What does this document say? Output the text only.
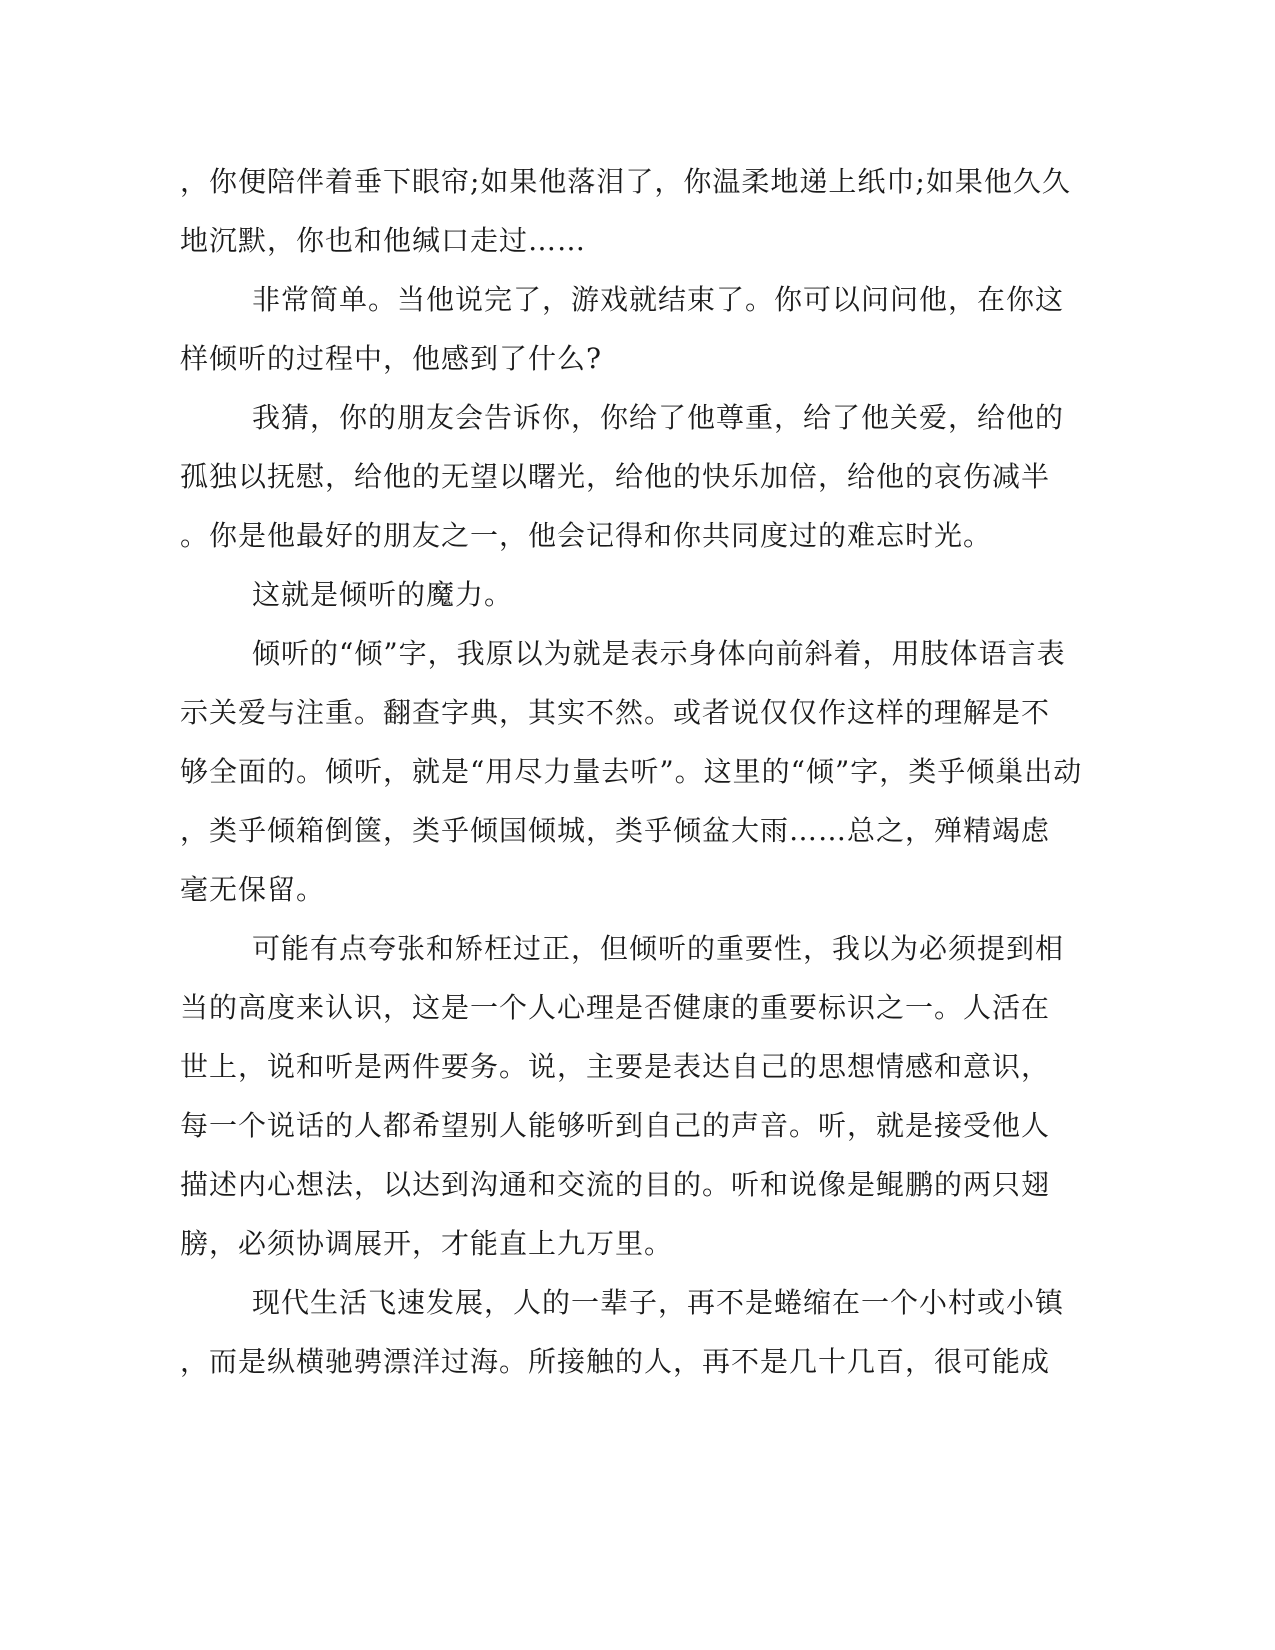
，你便陪伴着垂下眼帘;如果他落泪了，你温柔地递上纸巾;如果他久久
地沉默，你也和他缄口走过……
非常简单。当他说完了，游戏就结束了。你可以问问他，在你这
样倾听的过程中，他感到了什么?
我猜，你的朋友会告诉你，你给了他尊重，给了他关爱，给他的
孤独以抚慰，给他的无望以曙光，给他的快乐加倍，给他的哀伤减半
。你是他最好的朋友之一，他会记得和你共同度过的难忘时光。
这就是倾听的魔力。
倾听的“倾”字，我原以为就是表示身体向前斜着，用肢体语言表
示关爱与注重。翻查字典，其实不然。或者说仅仅作这样的理解是不
够全面的。倾听，就是“用尽力量去听”。这里的“倾”字，类乎倾巢出动
，类乎倾箱倒箧，类乎倾国倾城，类乎倾盆大雨……总之，殚精竭虑
毫无保留。
可能有点夸张和矫枉过正，但倾听的重要性，我以为必须提到相
当的高度来认识，这是一个人心理是否健康的重要标识之一。人活在
世上，说和听是两件要务。说，主要是表达自己的思想情感和意识，
每一个说话的人都希望别人能够听到自己的声音。听，就是接受他人
描述内心想法，以达到沟通和交流的目的。听和说像是鲲鹏的两只翅
膀，必须协调展开，才能直上九万里。
现代生活飞速发展，人的一辈子，再不是蜷缩在一个小村或小镇
，而是纵横驰骋漂洋过海。所接触的人，再不是几十几百，很可能成
